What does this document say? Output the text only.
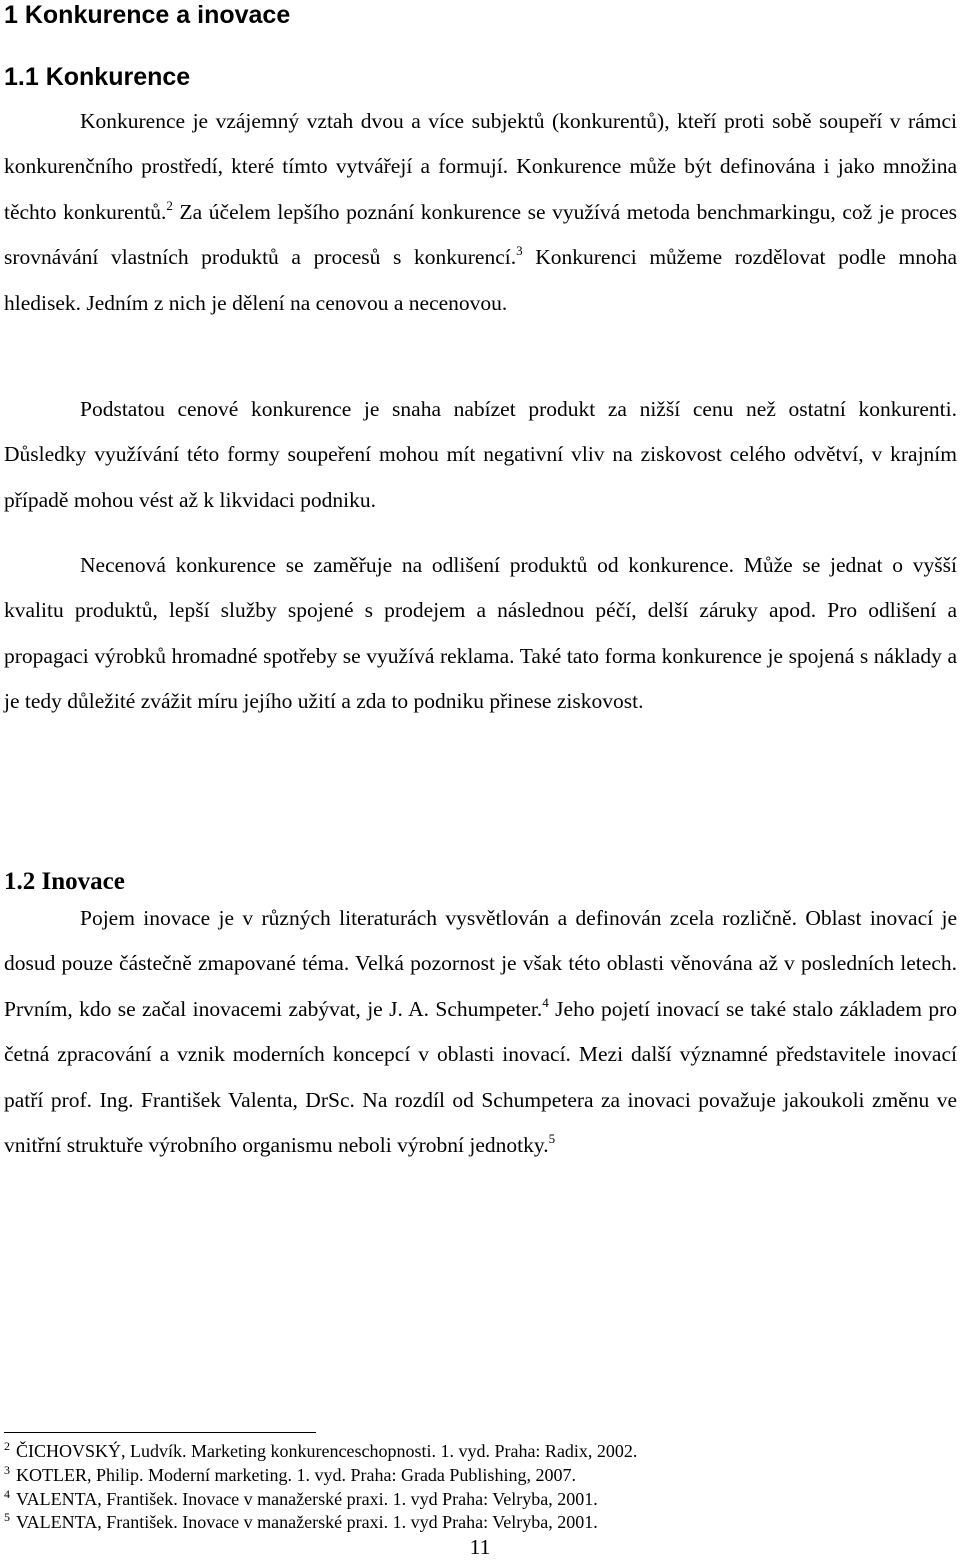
1 Konkurence a inovace
1.1 Konkurence

Konkurence je vzájemný vztah dvou a více subjektů (konkurentů), kteří proti sobě soupeří v rámci konkurenčního prostředí, které tímto vytvářejí a formují. Konkurence může být definována i jako množina těchto konkurentů.$^2$ Za účelem lepšího poznání konkurence se využívá metoda benchmarkingu, což je proces srovnávání vlastních produktů a procesů s konkurencí.$^3$ Konkurenci můžeme rozdělovat podle mnoha hledisek. Jedním z nich je dělení na cenovou a necenovou.

Podstatou cenové konkurence je snaha nabízet produkt za nižší cenu než ostatní konkurenti. Důsledky využívání této formy soupeření mohou mít negativní vliv na ziskovost celého odvětví, v krajním případě mohou vést až k likvidaci podniku.

Necenová konkurence se zaměřuje na odlišení produktů od konkurence. Může se jednat o vyšší kvalitu produktů, lepší služby spojené s prodejem a následnou péčí, delší záruky apod. Pro odlišení a propagaci výrobků hromadné spotřeby se využívá reklama. Také tato forma konkurence je spojená s náklady a je tedy důležité zvážit míru jejího užití a zda to podniku přinese ziskovost.

1.2 Inovace

Pojem inovace je v různých literaturách vysvětlován a definován zcela rozličně. Oblast inovací je dosud pouze částečně zmapované téma. Velká pozornost je však této oblasti věnována až v posledních letech. Prvním, kdo se začal inovacemi zabývat, je J. A. Schumpeter.$^4$ Jeho pojetí inovací se také stalo základem pro četná zpracování a vznik moderních koncepcí v oblasti inovací. Mezi další významné představitele inovací patří prof. Ing. František Valenta, DrSc. Na rozdíl od Schumpetera za inovaci považuje jakoukoli změnu ve vnitřní struktuře výrobního organismu neboli výrobní jednotky.$^5$

$^2$ ČICHOVSKÝ, Ludvík. Marketing konkurenceschopnosti. 1. vyd. Praha: Radix, 2002.
$^3$ KOTLER, Philip. Moderní marketing. 1. vyd. Praha: Grada Publishing, 2007.
$^4$ VALENTA, František. Inovace v manažerské praxi. 1. vyd Praha: Velryba, 2001.
$^5$ VALENTA, František. Inovace v manažerské praxi. 1. vyd Praha: Velryba, 2001.
11
